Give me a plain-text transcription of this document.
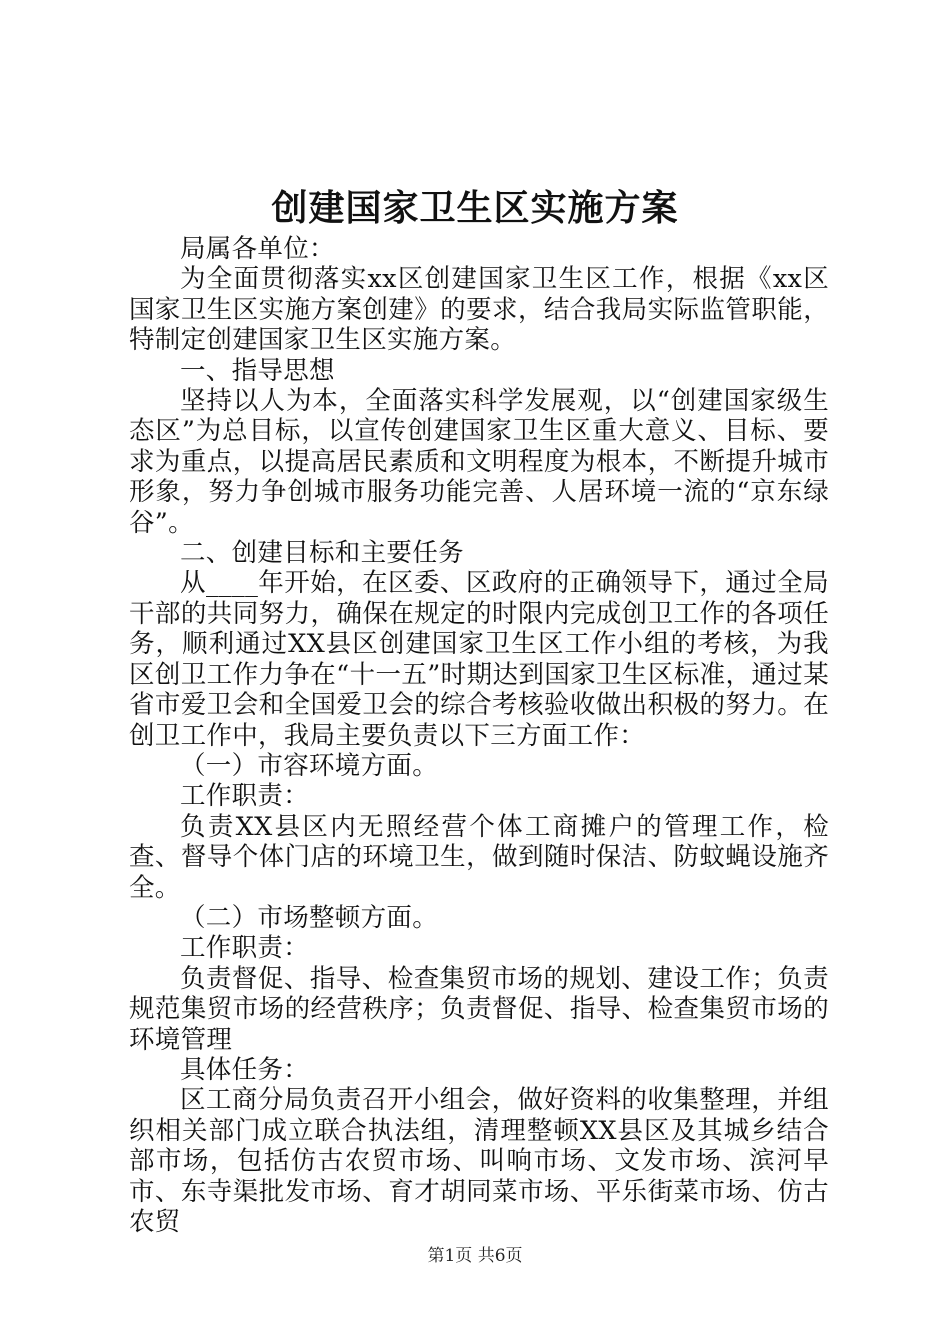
创建国家卫生区实施方案

局属各单位：

为全面贯彻落实xx区创建国家卫生区工作，根据《xx区国家卫生区实施方案创建》的要求，结合我局实际监管职能，特制定创建国家卫生区实施方案。

一、指导思想

坚持以人为本，全面落实科学发展观，以“创建国家级生态区”为总目标，以宣传创建国家卫生区重大意义、目标、要求为重点，以提高居民素质和文明程度为根本，不断提升城市形象，努力争创城市服务功能完善、人居环境一流的“京东绿谷”。

二、创建目标和主要任务

从____年开始，在区委、区政府的正确领导下，通过全局干部的共同努力，确保在规定的时限内完成创卫工作的各项任务，顺利通过XX县区创建国家卫生区工作小组的考核，为我区创卫工作力争在“十一五”时期达到国家卫生区标准，通过某省市爱卫会和全国爱卫会的综合考核验收做出积极的努力。在创卫工作中，我局主要负责以下三方面工作：

（一）市容环境方面。

工作职责：

负责XX县区内无照经营个体工商摊户的管理工作，检查、督导个体门店的环境卫生，做到随时保洁、防蚊蝇设施齐全。

（二）市场整顿方面。

工作职责：

负责督促、指导、检查集贸市场的规划、建设工作；负责规范集贸市场的经营秩序；负责督促、指导、检查集贸市场的环境管理

具体任务：

区工商分局负责召开小组会，做好资料的收集整理，并组织相关部门成立联合执法组，清理整顿XX县区及其城乡结合部市场，包括仿古农贸市场、叫响市场、文发市场、滨河早市、东寺渠批发市场、育才胡同菜市场、平乐街菜市场、仿古农贸

第1页 共6页
